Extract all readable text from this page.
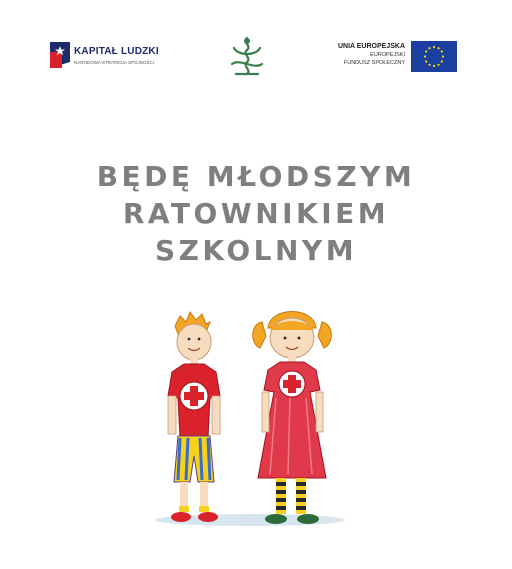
KAPITAŁ LUDZKI
NARODOWA STRATEGIA SPÓJNOŚCI
UNIA EUROPEJSKA
EUROPEJSKI
FUNDUSZ SPOŁECZNY
BĘDĘ MŁODSZYM
RATOWNIKIEM
SZKOLNYM
